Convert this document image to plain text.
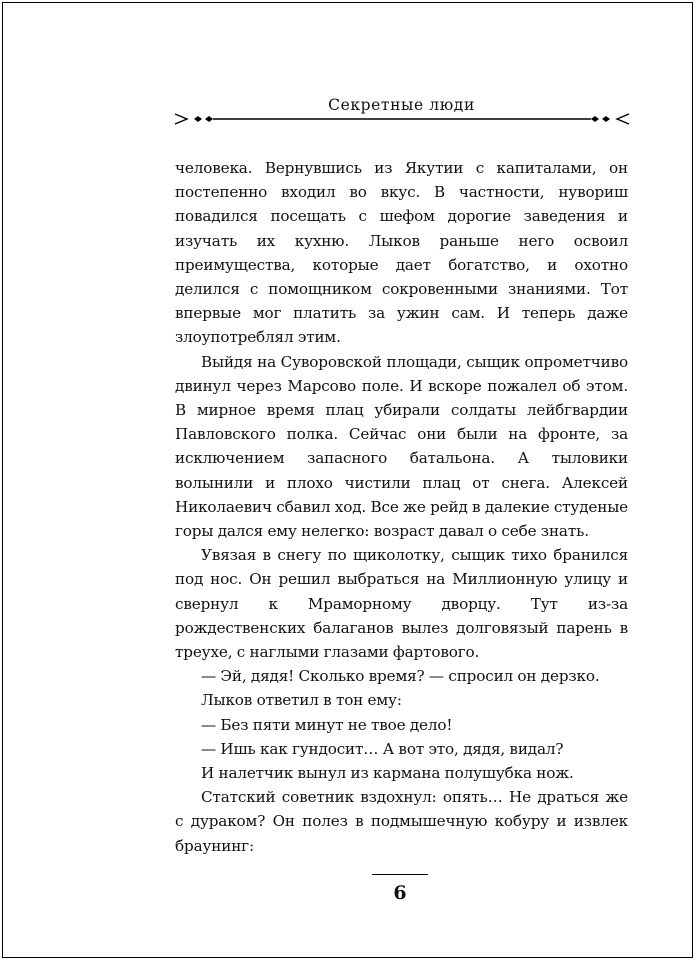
Секретные люди

человека. Вернувшись из Якутии с капиталами, он постепенно входил во вкус. В частности, нувориш повадился посещать с шефом дорогие заведения и изучать их кухню. Лыков раньше него освоил преимущества, которые дает богатство, и охотно делился с помощником сокровенными знаниями. Тот впервые мог платить за ужин сам. И теперь даже злоупотреблял этим.

Выйдя на Суворовской площади, сыщик опрометчиво двинул через Марсово поле. И вскоре пожалел об этом. В мирное время плац убирали солдаты лейбгвардии Павловского полка. Сейчас они были на фронте, за исключением запасного батальона. А тыловики волынили и плохо чистили плац от снега. Алексей Николаевич сбавил ход. Все же рейд в далекие студеные горы дался ему нелегко: возраст давал о себе знать.

Увязая в снегу по щиколотку, сыщик тихо бранился под нос. Он решил выбраться на Миллионную улицу и свернул к Мраморному дворцу. Тут из-за рождественских балаганов вылез долговязый парень в треухе, с наглыми глазами фартового.

— Эй, дядя! Сколько время? — спросил он дерзко.

Лыков ответил в тон ему:

— Без пяти минут не твое дело!

— Ишь как гундосит… А вот это, дядя, видал?

И налетчик вынул из кармана полушубка нож.

Статский советник вздохнул: опять… Не драться же с дураком? Он полез в подмышечную кобуру и извлек браунинг:

6
